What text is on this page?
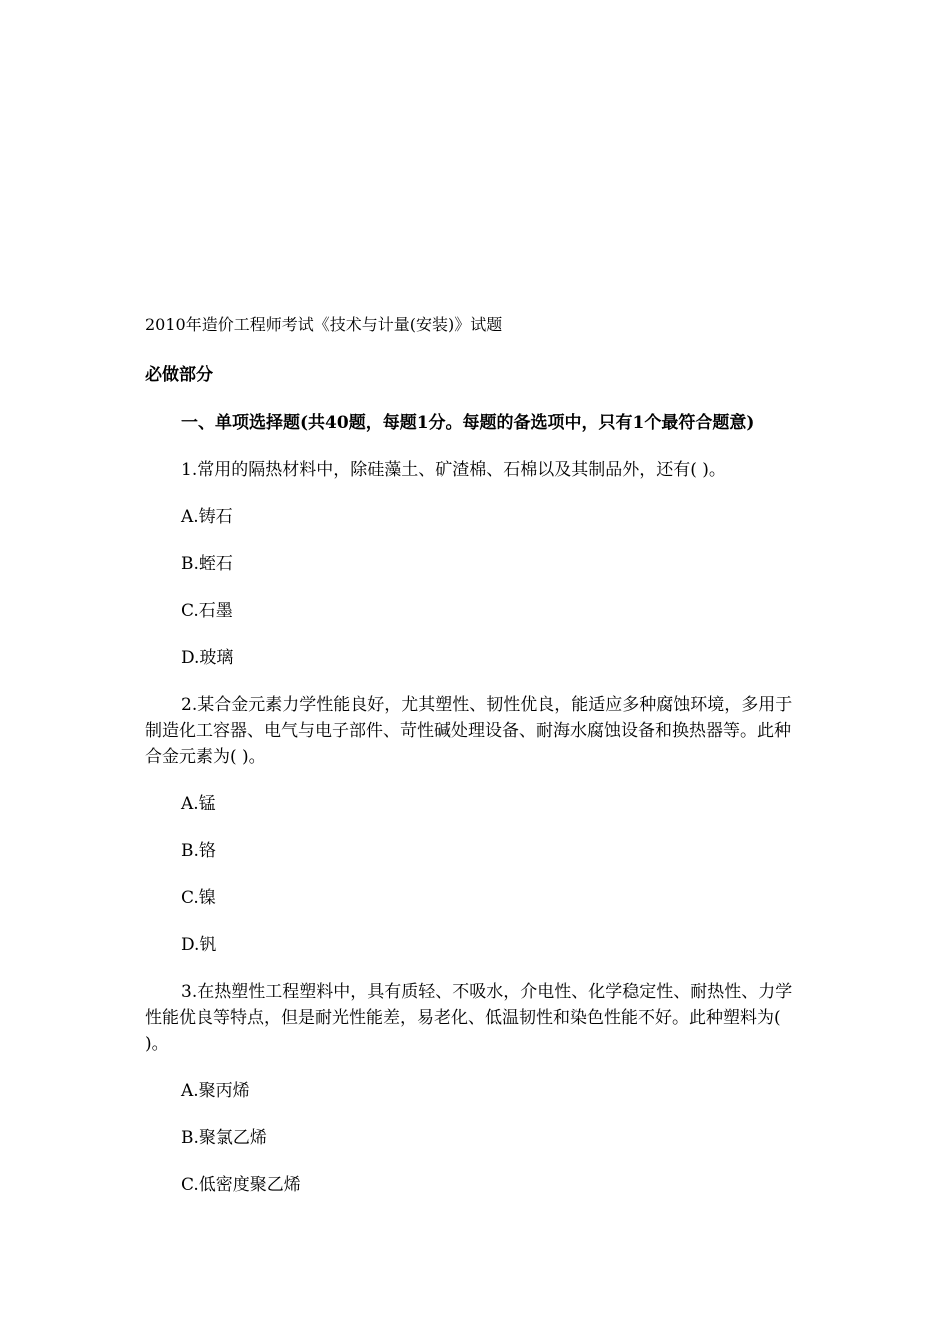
2010年造价工程师考试《技术与计量(安装)》试题

必做部分

一、单项选择题(共40题，每题1分。每题的备选项中，只有1个最符合题意)

1.常用的隔热材料中，除硅藻土、矿渣棉、石棉以及其制品外，还有( )。

A.铸石

B.蛭石

C.石墨

D.玻璃

2.某合金元素力学性能良好，尤其塑性、韧性优良，能适应多种腐蚀环境，多用于制造化工容器、电气与电子部件、苛性碱处理设备、耐海水腐蚀设备和换热器等。此种合金元素为( )。

A.锰

B.铬

C.镍

D.钒

3.在热塑性工程塑料中，具有质轻、不吸水，介电性、化学稳定性、耐热性、力学性能优良等特点，但是耐光性能差，易老化、低温韧性和染色性能不好。此种塑料为( )。

A.聚丙烯

B.聚氯乙烯

C.低密度聚乙烯
